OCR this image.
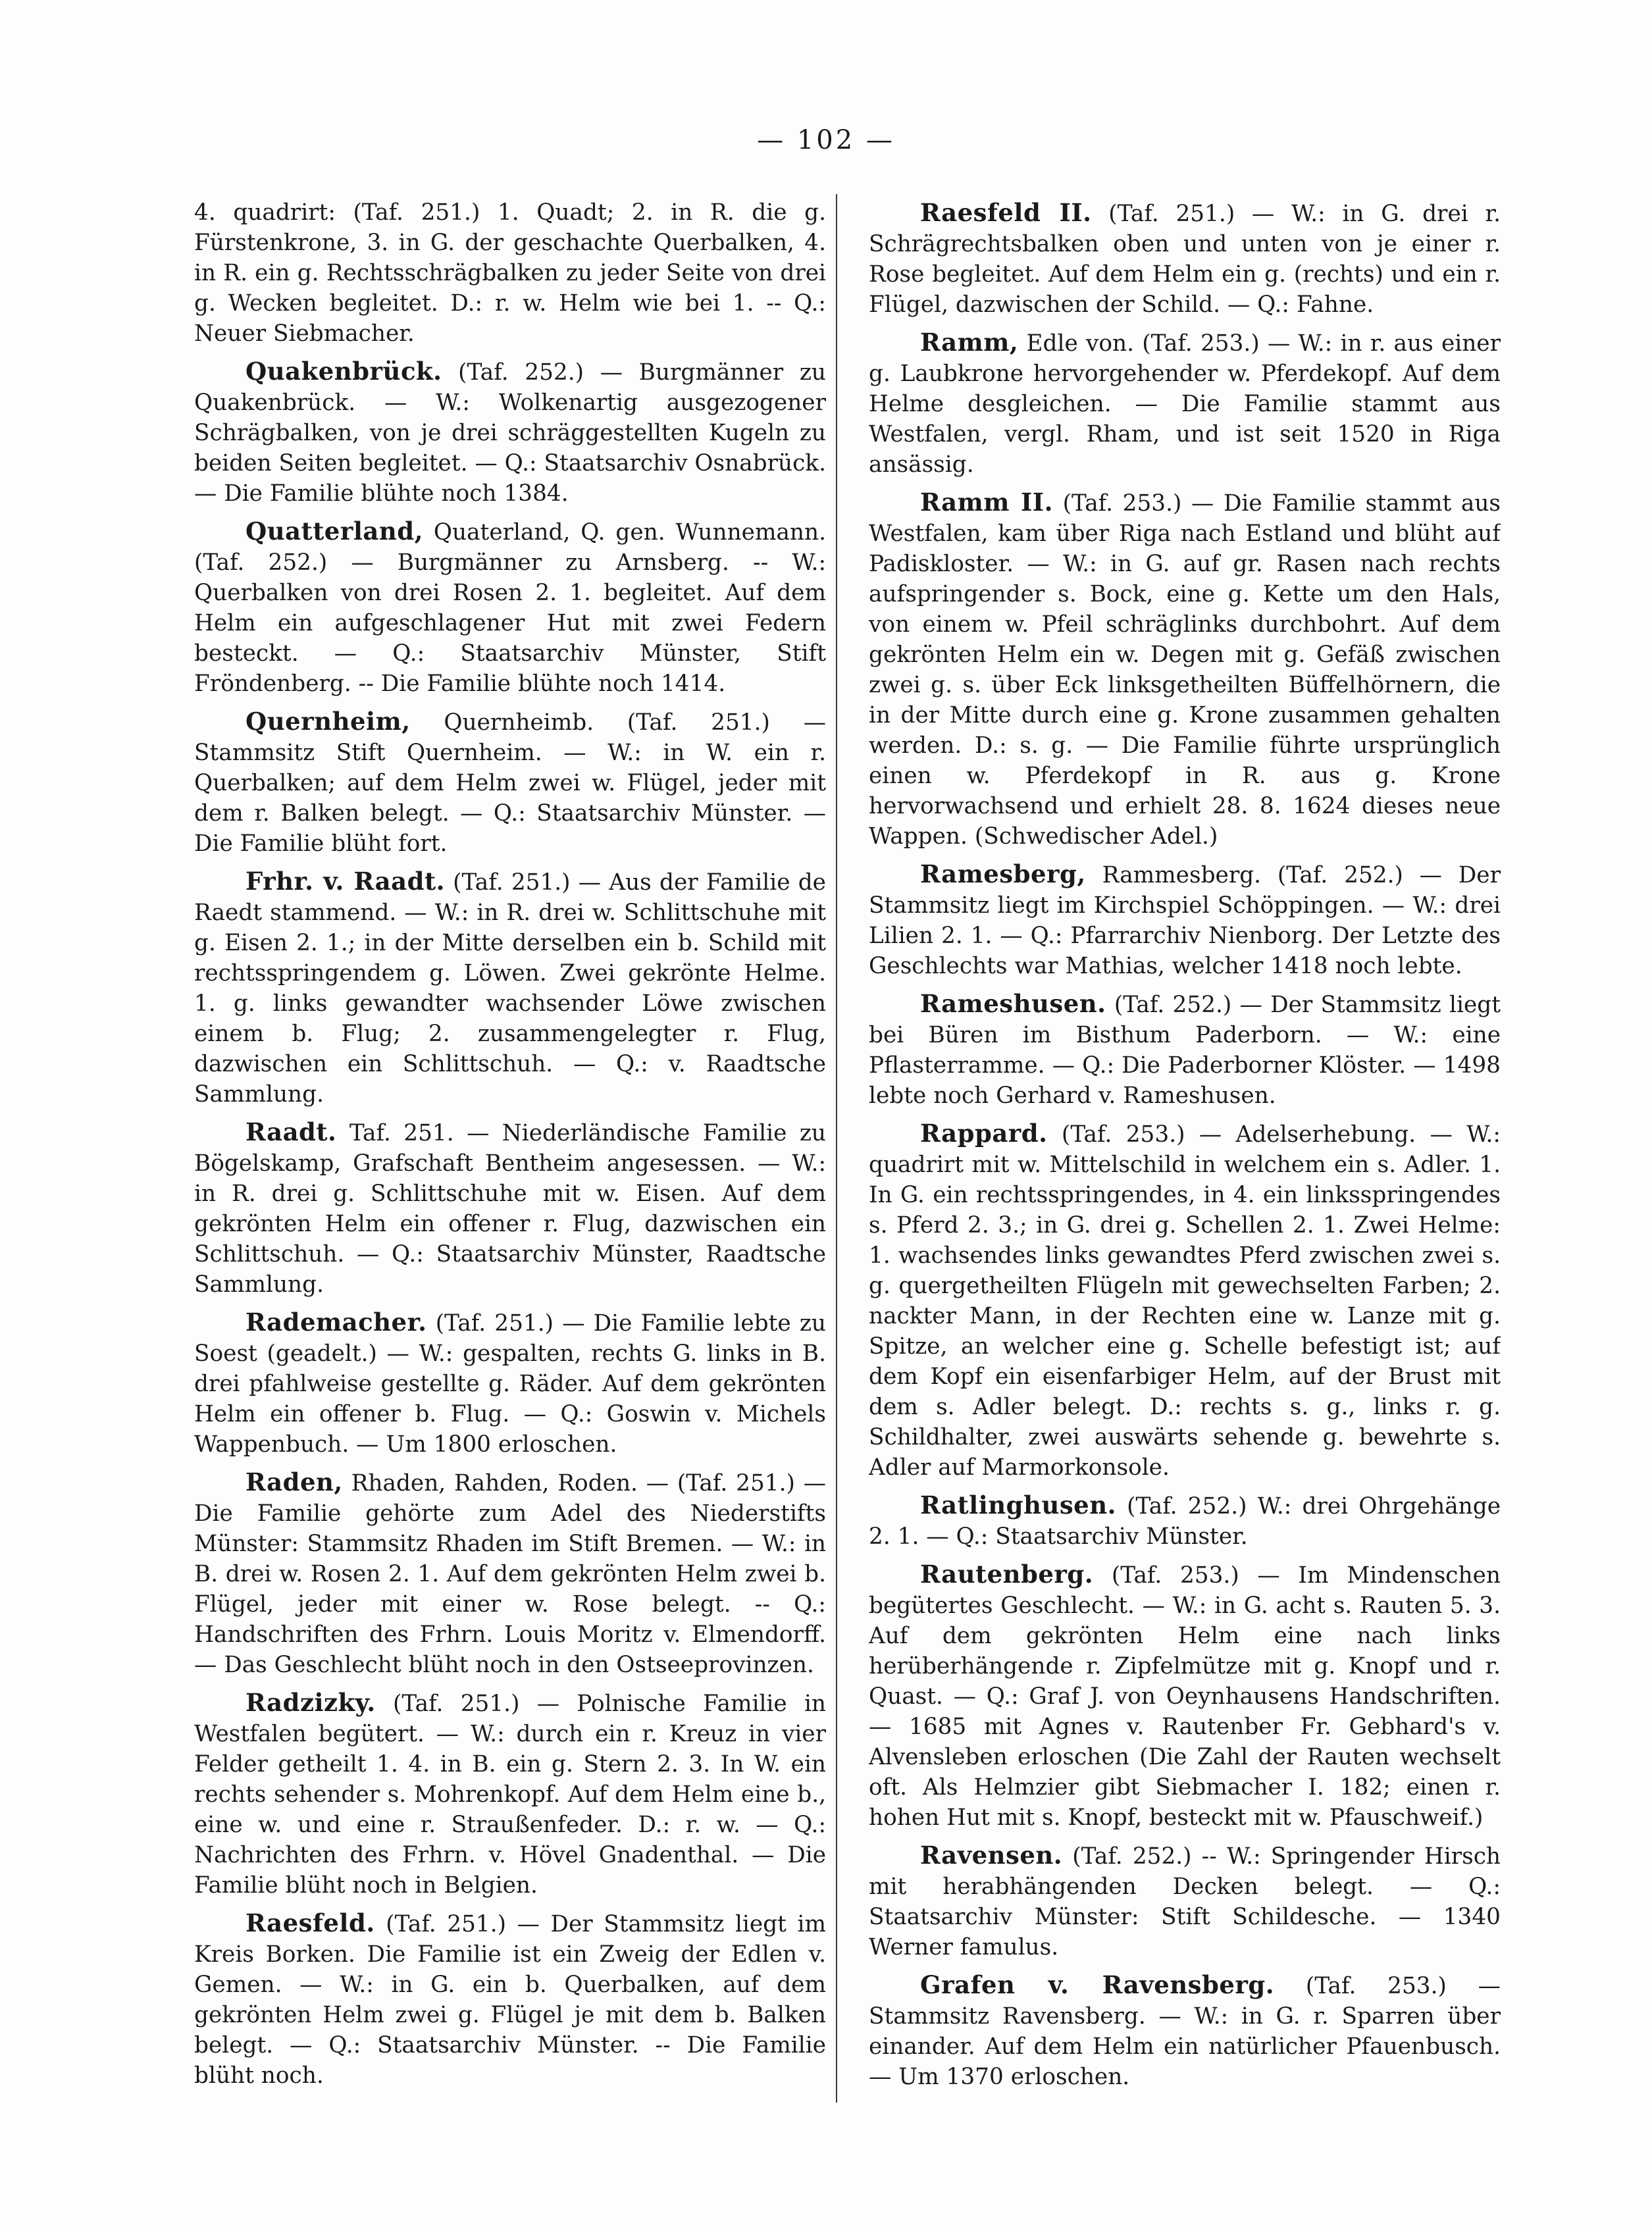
— 102 —

4. quadrirt: (Taf. 251.) 1. Quadt; 2. in R. die g. Fürstenkrone, 3. in G. der geschachte Querbalken, 4. in R. ein g. Rechtsschrägbalken zu jeder Seite von drei g. Wecken begleitet. D.: r. w. Helm wie bei 1. -- Q.: Neuer Siebmacher.

Quakenbrück. (Taf. 252.) — Burgmänner zu Quakenbrück. — W.: Wolkenartig ausgezogener Schrägbalken, von je drei schräggestellten Kugeln zu beiden Seiten begleitet. — Q.: Staatsarchiv Osnabrück. — Die Familie blühte noch 1384.

Quatterland, Quaterland, Q. gen. Wunnemann. (Taf. 252.) — Burgmänner zu Arnsberg. -- W.: Querbalken von drei Rosen 2. 1. begleitet. Auf dem Helm ein aufgeschlagener Hut mit zwei Federn besteckt. — Q.: Staatsarchiv Münster, Stift Fröndenberg. -- Die Familie blühte noch 1414.

Quernheim, Quernheimb. (Taf. 251.) — Stammsitz Stift Quernheim. — W.: in W. ein r. Querbalken; auf dem Helm zwei w. Flügel, jeder mit dem r. Balken belegt. — Q.: Staatsarchiv Münster. — Die Familie blüht fort.

Frhr. v. Raadt. (Taf. 251.) — Aus der Familie de Raedt stammend. — W.: in R. drei w. Schlittschuhe mit g. Eisen 2. 1.; in der Mitte derselben ein b. Schild mit rechtsspringendem g. Löwen. Zwei gekrönte Helme. 1. g. links gewandter wachsender Löwe zwischen einem b. Flug; 2. zusammengelegter r. Flug, dazwischen ein Schlittschuh. — Q.: v. Raadtsche Sammlung.

Raadt. Taf. 251. — Niederländische Familie zu Bögelskamp, Grafschaft Bentheim angesessen. — W.: in R. drei g. Schlittschuhe mit w. Eisen. Auf dem gekrönten Helm ein offener r. Flug, dazwischen ein Schlittschuh. — Q.: Staatsarchiv Münster, Raadtsche Sammlung.

Rademacher. (Taf. 251.) — Die Familie lebte zu Soest (geadelt.) — W.: gespalten, rechts G. links in B. drei pfahlweise gestellte g. Räder. Auf dem gekrönten Helm ein offener b. Flug. — Q.: Goswin v. Michels Wappenbuch. — Um 1800 erloschen.

Raden, Rhaden, Rahden, Roden. — (Taf. 251.) — Die Familie gehörte zum Adel des Niederstifts Münster: Stammsitz Rhaden im Stift Bremen. — W.: in B. drei w. Rosen 2. 1. Auf dem gekrönten Helm zwei b. Flügel, jeder mit einer w. Rose belegt. -- Q.: Handschriften des Frhrn. Louis Moritz v. Elmendorff. — Das Geschlecht blüht noch in den Ostseeprovinzen.

Radzizky. (Taf. 251.) — Polnische Familie in Westfalen begütert. — W.: durch ein r. Kreuz in vier Felder getheilt 1. 4. in B. ein g. Stern 2. 3. In W. ein rechts sehender s. Mohrenkopf. Auf dem Helm eine b., eine w. und eine r. Straußenfeder. D.: r. w. — Q.: Nachrichten des Frhrn. v. Hövel Gnadenthal. — Die Familie blüht noch in Belgien.

Raesfeld. (Taf. 251.) — Der Stammsitz liegt im Kreis Borken. Die Familie ist ein Zweig der Edlen v. Gemen. — W.: in G. ein b. Querbalken, auf dem gekrönten Helm zwei g. Flügel je mit dem b. Balken belegt. — Q.: Staatsarchiv Münster. -- Die Familie blüht noch.

Raesfeld II. (Taf. 251.) — W.: in G. drei r. Schrägrechtsbalken oben und unten von je einer r. Rose begleitet. Auf dem Helm ein g. (rechts) und ein r. Flügel, dazwischen der Schild. — Q.: Fahne.

Ramm, Edle von. (Taf. 253.) — W.: in r. aus einer g. Laubkrone hervorgehender w. Pferdekopf. Auf dem Helme desgleichen. — Die Familie stammt aus Westfalen, vergl. Rham, und ist seit 1520 in Riga ansässig.

Ramm II. (Taf. 253.) — Die Familie stammt aus Westfalen, kam über Riga nach Estland und blüht auf Padiskloster. — W.: in G. auf gr. Rasen nach rechts aufspringender s. Bock, eine g. Kette um den Hals, von einem w. Pfeil schräglinks durchbohrt. Auf dem gekrönten Helm ein w. Degen mit g. Gefäß zwischen zwei g. s. über Eck linksgetheilten Büffelhörnern, die in der Mitte durch eine g. Krone zusammen gehalten werden. D.: s. g. — Die Familie führte ursprünglich einen w. Pferdekopf in R. aus g. Krone hervorwachsend und erhielt 28. 8. 1624 dieses neue Wappen. (Schwedischer Adel.)

Ramesberg, Rammesberg. (Taf. 252.) — Der Stammsitz liegt im Kirchspiel Schöppingen. — W.: drei Lilien 2. 1. — Q.: Pfarrarchiv Nienborg. Der Letzte des Geschlechts war Mathias, welcher 1418 noch lebte.

Rameshusen. (Taf. 252.) — Der Stammsitz liegt bei Büren im Bisthum Paderborn. — W.: eine Pflasterramme. — Q.: Die Paderborner Klöster. — 1498 lebte noch Gerhard v. Rameshusen.

Rappard. (Taf. 253.) — Adelserhebung. — W.: quadrirt mit w. Mittelschild in welchem ein s. Adler. 1. In G. ein rechtsspringendes, in 4. ein linksspringendes s. Pferd 2. 3.; in G. drei g. Schellen 2. 1. Zwei Helme: 1. wachsendes links gewandtes Pferd zwischen zwei s. g. quergetheilten Flügeln mit gewechselten Farben; 2. nackter Mann, in der Rechten eine w. Lanze mit g. Spitze, an welcher eine g. Schelle befestigt ist; auf dem Kopf ein eisenfarbiger Helm, auf der Brust mit dem s. Adler belegt. D.: rechts s. g., links r. g. Schildhalter, zwei auswärts sehende g. bewehrte s. Adler auf Marmorkonsole.

Ratlinghusen. (Taf. 252.) W.: drei Ohrgehänge 2. 1. — Q.: Staatsarchiv Münster.

Rautenberg. (Taf. 253.) — Im Mindenschen begütertes Geschlecht. — W.: in G. acht s. Rauten 5. 3. Auf dem gekrönten Helm eine nach links herüberhängende r. Zipfelmütze mit g. Knopf und r. Quast. — Q.: Graf J. von Oeynhausens Handschriften. — 1685 mit Agnes v. Rautenber Fr. Gebhard's v. Alvensleben erloschen (Die Zahl der Rauten wechselt oft. Als Helmzier gibt Siebmacher I. 182; einen r. hohen Hut mit s. Knopf, besteckt mit w. Pfauschweif.)

Ravensen. (Taf. 252.) -- W.: Springender Hirsch mit herabhängenden Decken belegt. — Q.: Staatsarchiv Münster: Stift Schildesche. — 1340 Werner famulus.

Grafen v. Ravensberg. (Taf. 253.) — Stammsitz Ravensberg. — W.: in G. r. Sparren über einander. Auf dem Helm ein natürlicher Pfauenbusch. — Um 1370 erloschen.
